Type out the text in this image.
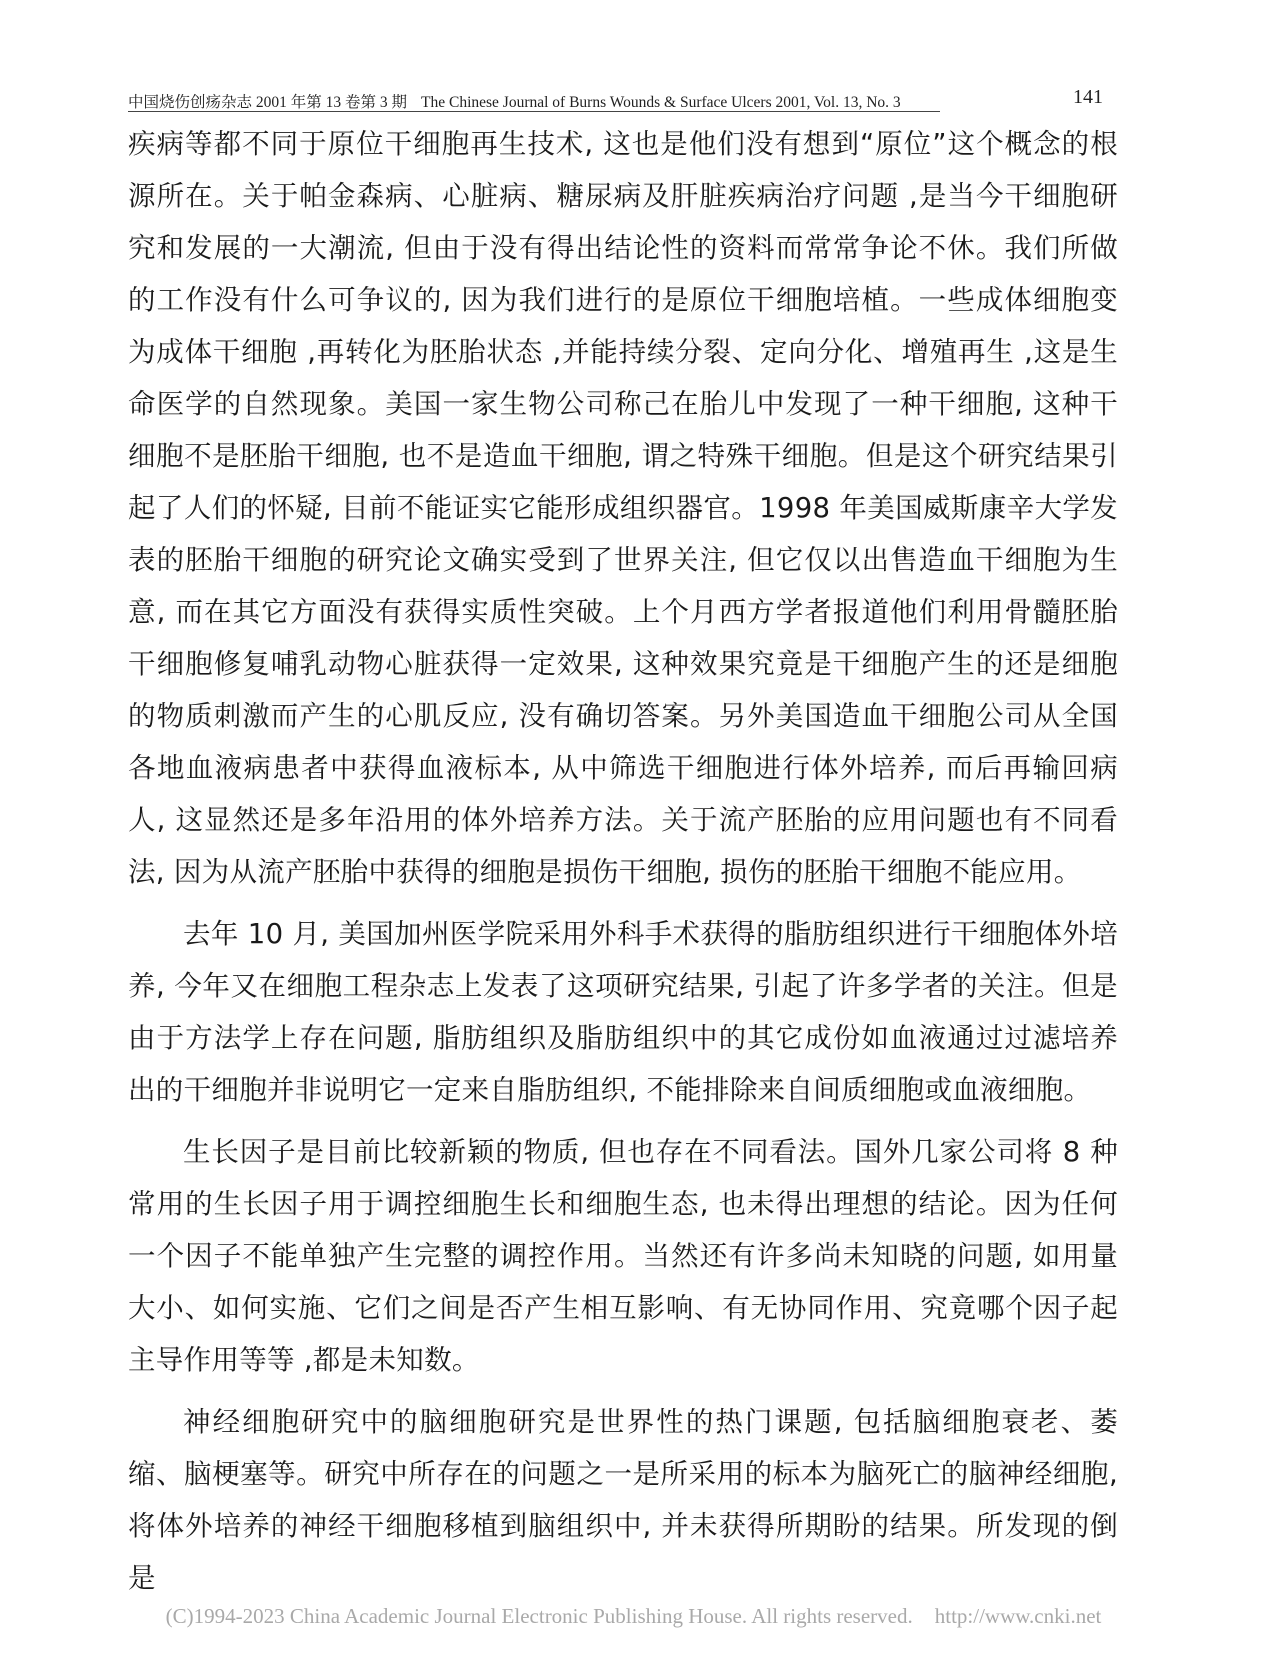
中国烧伤创疡杂志 2001 年第 13 卷第 3 期 The Chinese Journal of Burns Wounds & Surface Ulcers 2001, Vol. 13, No. 3	141

疾病等都不同于原位干细胞再生技术, 这也是他们没有想到“原位”这个概念的根源所在。关于帕金森病、心脏病、糖尿病及肝脏疾病治疗问题 ,是当今干细胞研究和发展的一大潮流, 但由于没有得出结论性的资料而常常争论不休。我们所做的工作没有什么可争议的, 因为我们进行的是原位干细胞培植。一些成体细胞变为成体干细胞 ,再转化为胚胎状态 ,并能持续分裂、定向分化、增殖再生 ,这是生命医学的自然现象。美国一家生物公司称己在胎儿中发现了一种干细胞, 这种干细胞不是胚胎干细胞, 也不是造血干细胞, 谓之特殊干细胞。但是这个研究结果引起了人们的怀疑, 目前不能证实它能形成组织器官。1998 年美国威斯康辛大学发表的胚胎干细胞的研究论文确实受到了世界关注, 但它仅以出售造血干细胞为生意, 而在其它方面没有获得实质性突破。上个月西方学者报道他们利用骨髓胚胎干细胞修复哺乳动物心脏获得一定效果, 这种效果究竟是干细胞产生的还是细胞的物质刺激而产生的心肌反应, 没有确切答案。另外美国造血干细胞公司从全国各地血液病患者中获得血液标本, 从中筛选干细胞进行体外培养, 而后再输回病人, 这显然还是多年沿用的体外培养方法。关于流产胚胎的应用问题也有不同看法, 因为从流产胚胎中获得的细胞是损伤干细胞, 损伤的胚胎干细胞不能应用。

去年 10 月, 美国加州医学院采用外科手术获得的脂肪组织进行干细胞体外培养, 今年又在细胞工程杂志上发表了这项研究结果, 引起了许多学者的关注。但是由于方法学上存在问题, 脂肪组织及脂肪组织中的其它成份如血液通过过滤培养出的干细胞并非说明它一定来自脂肪组织, 不能排除来自间质细胞或血液细胞。

生长因子是目前比较新颖的物质, 但也存在不同看法。国外几家公司将 8 种常用的生长因子用于调控细胞生长和细胞生态, 也未得出理想的结论。因为任何一个因子不能单独产生完整的调控作用。当然还有许多尚未知晓的问题, 如用量大小、如何实施、它们之间是否产生相互影响、有无协同作用、究竟哪个因子起主导作用等等 ,都是未知数。

神经细胞研究中的脑细胞研究是世界性的热门课题, 包括脑细胞衰老、萎缩、脑梗塞等。研究中所存在的问题之一是所采用的标本为脑死亡的脑神经细胞, 将体外培养的神经干细胞移植到脑组织中, 并未获得所期盼的结果。所发现的倒是

(C)1994-2023 China Academic Journal Electronic Publishing House. All rights reserved. http://www.cnki.net
